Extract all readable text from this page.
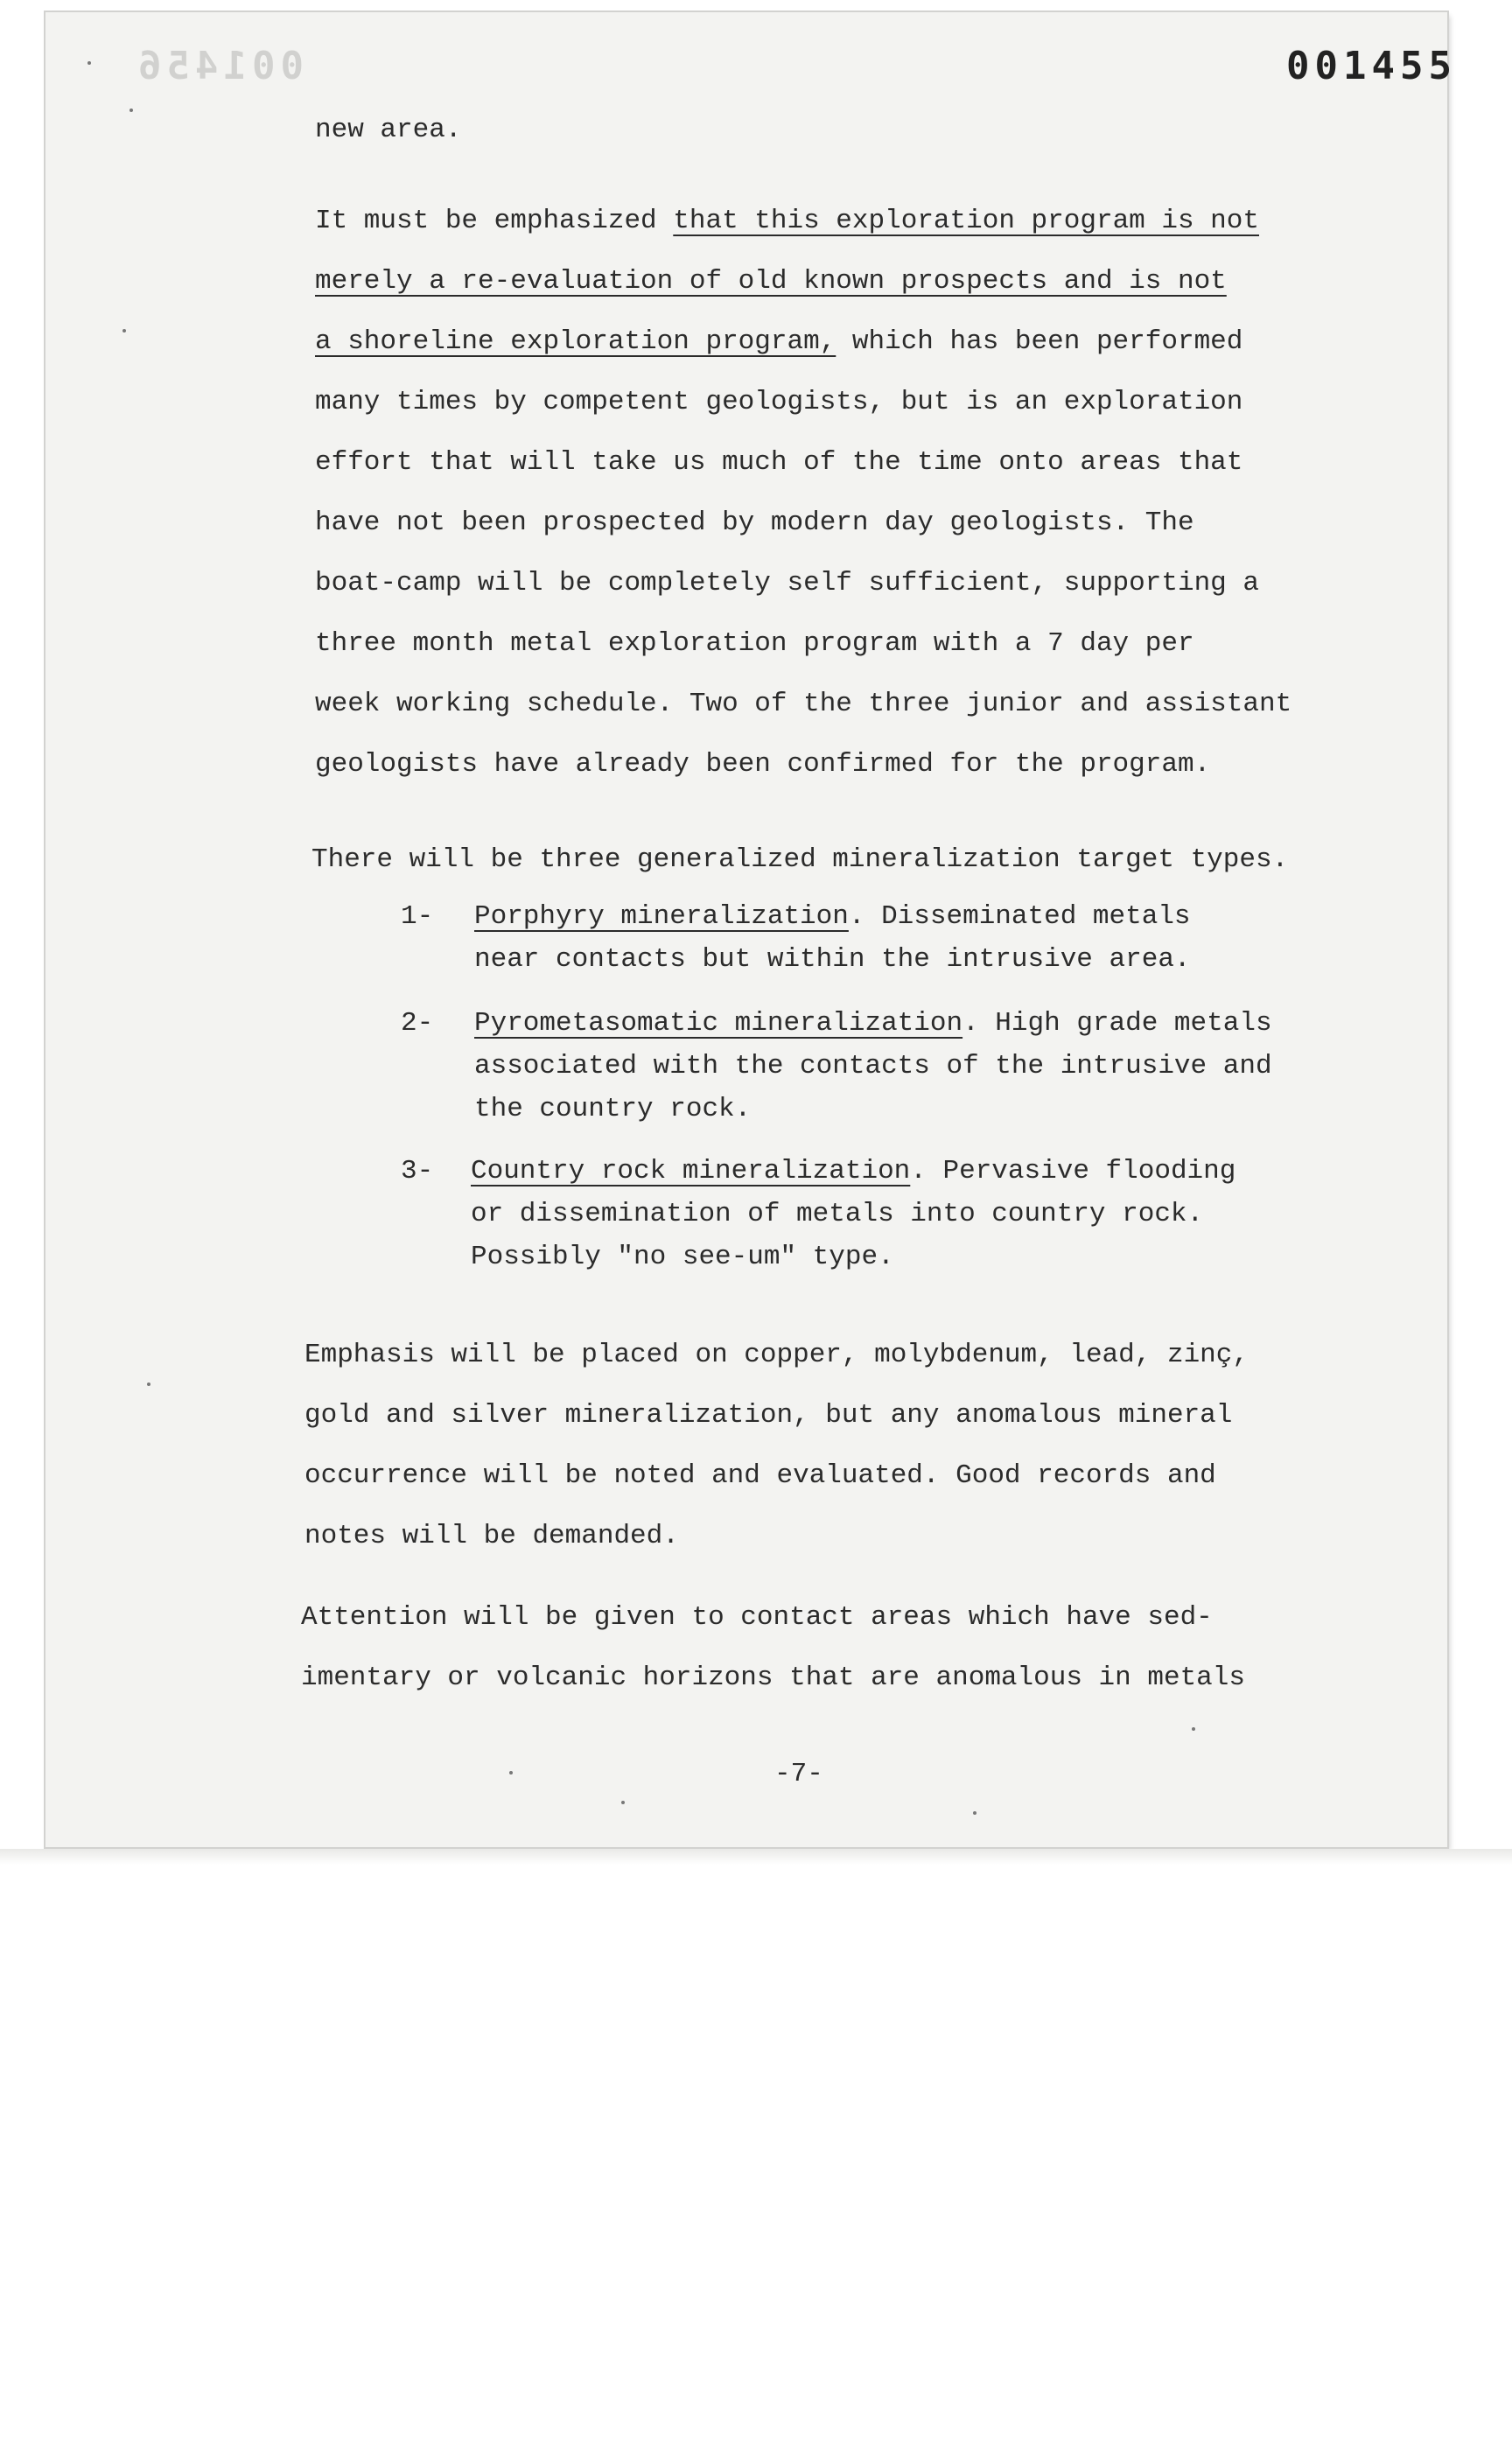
001456	001455

new area.

It must be emphasized that this exploration program is not
merely a re-evaluation of old known prospects and is not
a shoreline exploration program, which has been performed
many times by competent geologists, but is an exploration
effort that will take us much of the time onto areas that
have not been prospected by modern day geologists. The
boat-camp will be completely self sufficient, supporting a
three month metal exploration program with a 7 day per
week working schedule. Two of the three junior and assistant
geologists have already been confirmed for the program.

There will be three generalized mineralization target types.

1- Porphyry mineralization. Disseminated metals
near contacts but within the intrusive area.
2- Pyrometasomatic mineralization. High grade metals
associated with the contacts of the intrusive and
the country rock.
3- Country rock mineralization. Pervasive flooding
or dissemination of metals into country rock.
Possibly "no see-um" type.
Emphasis will be placed on copper, molybdenum, lead, zinç,
gold and silver mineralization, but any anomalous mineral
occurrence will be noted and evaluated. Good records and
notes will be demanded.
Attention will be given to contact areas which have sed-
imentary or volcanic horizons that are anomalous in metals
-7-
